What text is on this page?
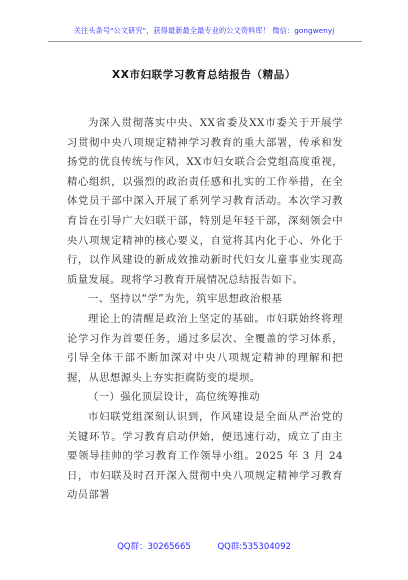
关注头条号"公文研究"，获得最新最全最专业的公文资料库！ 微信：gongwenyj
XX市妇联学习教育总结报告（精品）

为深入贯彻落实中央、XX省委及XX市委关于开展学习贯彻中央八项规定精神学习教育的重大部署，传承和发扬党的优良传统与作风，XX市妇女联合会党组高度重视，精心组织，以强烈的政治责任感和扎实的工作举措，在全体党员干部中深入开展了系列学习教育活动。本次学习教育旨在引导广大妇联干部，特别是年轻干部，深刻领会中央八项规定精神的核心要义，自觉将其内化于心、外化于行，以作风建设的新成效推动新时代妇女儿童事业实现高质量发展。现将学习教育开展情况总结报告如下。

一、坚持以“学”为先，筑牢思想政治根基

理论上的清醒是政治上坚定的基础。市妇联始终将理论学习作为首要任务，通过多层次、全覆盖的学习体系，引导全体干部不断加深对中央八项规定精神的理解和把握，从思想源头上夯实拒腐防变的堤坝。

（一）强化顶层设计，高位统筹推动

市妇联党组深刻认识到，作风建设是全面从严治党的关键环节。学习教育启动伊始，便迅速行动，成立了由主要领导挂帅的学习教育工作领导小组。2025 年 3 月 24 日，市妇联及时召开深入贯彻中央八项规定精神学习教育动员部署

QQ群：30265665	QQ群:535304092
